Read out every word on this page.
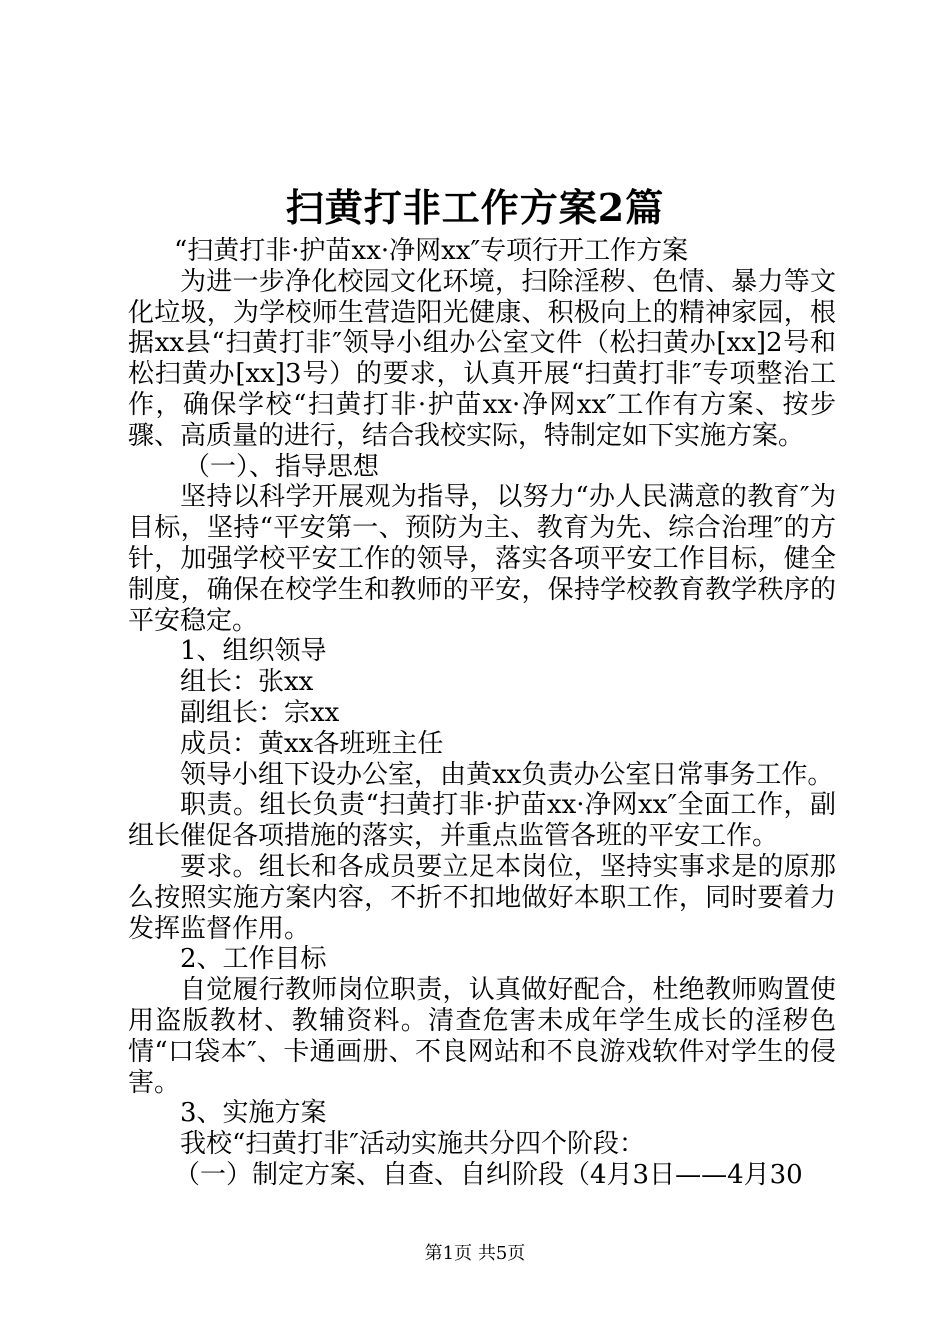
扫黄打非工作方案2篇

“扫黄打非·护苗xx·净网xx″专项行开工作方案

为进一步净化校园文化环境，扫除淫秽、色情、暴力等文化垃圾，为学校师生营造阳光健康、积极向上的精神家园，根据xx县“扫黄打非″领导小组办公室文件（松扫黄办[xx]2号和松扫黄办[xx]3号）的要求，认真开展“扫黄打非″专项整治工作，确保学校“扫黄打非·护苗xx·净网xx″工作有方案、按步骤、高质量的进行，结合我校实际，特制定如下实施方案。

（一）、指导思想

坚持以科学开展观为指导，以努力“办人民满意的教育″为目标，坚持“平安第一、预防为主、教育为先、综合治理″的方针，加强学校平安工作的领导，落实各项平安工作目标，健全制度，确保在校学生和教师的平安，保持学校教育教学秩序的平安稳定。

1、组织领导

组长：张xx

副组长：宗xx

成员：黄xx各班班主任

领导小组下设办公室，由黄xx负责办公室日常事务工作。

职责。组长负责“扫黄打非·护苗xx·净网xx″全面工作，副组长催促各项措施的落实，并重点监管各班的平安工作。

要求。组长和各成员要立足本岗位，坚持实事求是的原那么按照实施方案内容，不折不扣地做好本职工作，同时要着力发挥监督作用。

2、工作目标

自觉履行教师岗位职责，认真做好配合，杜绝教师购置使用盗版教材、教辅资料。清查危害未成年学生成长的淫秽色情“口袋本″、卡通画册、不良网站和不良游戏软件对学生的侵害。

3、实施方案

我校“扫黄打非″活动实施共分四个阶段：

（一）制定方案、自查、自纠阶段（4月3日——4月30

第1页 共5页
